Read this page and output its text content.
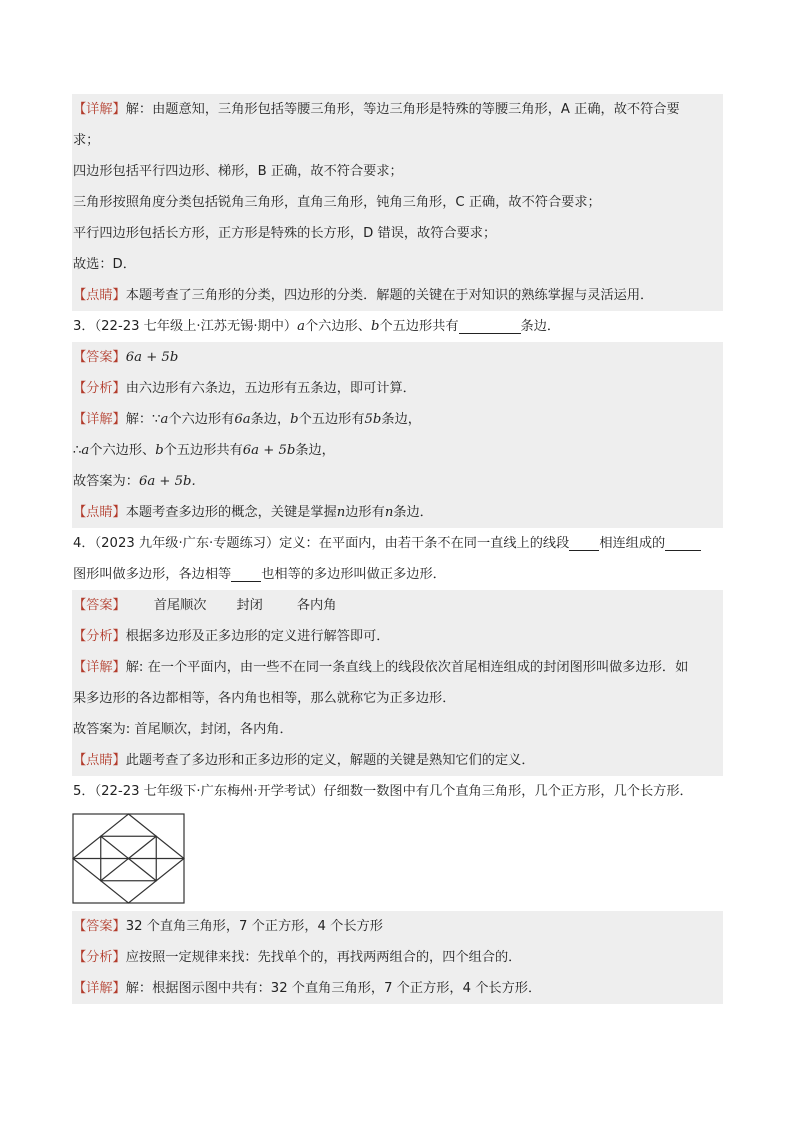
【详解】解：由题意知，三角形包括等腰三角形，等边三角形是特殊的等腰三角形，A 正确，故不符合要
求；
四边形包括平行四边形、梯形，B 正确，故不符合要求；
三角形按照角度分类包括锐角三角形，直角三角形，钝角三角形，C 正确，故不符合要求；
平行四边形包括长方形，正方形是特殊的长方形，D 错误，故符合要求；
故选：D．
【点睛】本题考查了三角形的分类，四边形的分类．解题的关键在于对知识的熟练掌握与灵活运用．
3．（22-23 七年级上·江苏无锡·期中）a个六边形、b个五边形共有	条边．
【答案】6a + 5b
【分析】由六边形有六条边，五边形有五条边，即可计算．
【详解】解：∵a个六边形有6a条边，b个五边形有5b条边，
∴a个六边形、b个五边形共有6a + 5b条边，
故答案为：6a + 5b.
【点睛】本题考查多边形的概念，关键是掌握n边形有n条边．
4．（2023 九年级·广东·专题练习）定义：在平面内，由若干条不在同一直线上的线段 相连组成的
图形叫做多边形，各边相等 也相等的多边形叫做正多边形．
【答案】 首尾顺次 封闭	各内角
【分析】根据多边形及正多边形的定义进行解答即可．
【详解】解: 在一个平面内，由一些不在同一条直线上的线段依次首尾相连组成的封闭图形叫做多边形．如
果多边形的各边都相等，各内角也相等，那么就称它为正多边形．
故答案为: 首尾顺次，封闭，各内角．
【点睛】此题考查了多边形和正多边形的定义，解题的关键是熟知它们的定义．
5．（22-23 七年级下·广东梅州·开学考试）仔细数一数图中有几个直角三角形，几个正方形，几个长方形．
【答案】32 个直角三角形，7 个正方形，4 个长方形
【分析】应按照一定规律来找：先找单个的，再找两两组合的，四个组合的．
【详解】解：根据图示图中共有：32 个直角三角形，7 个正方形，4 个长方形．
